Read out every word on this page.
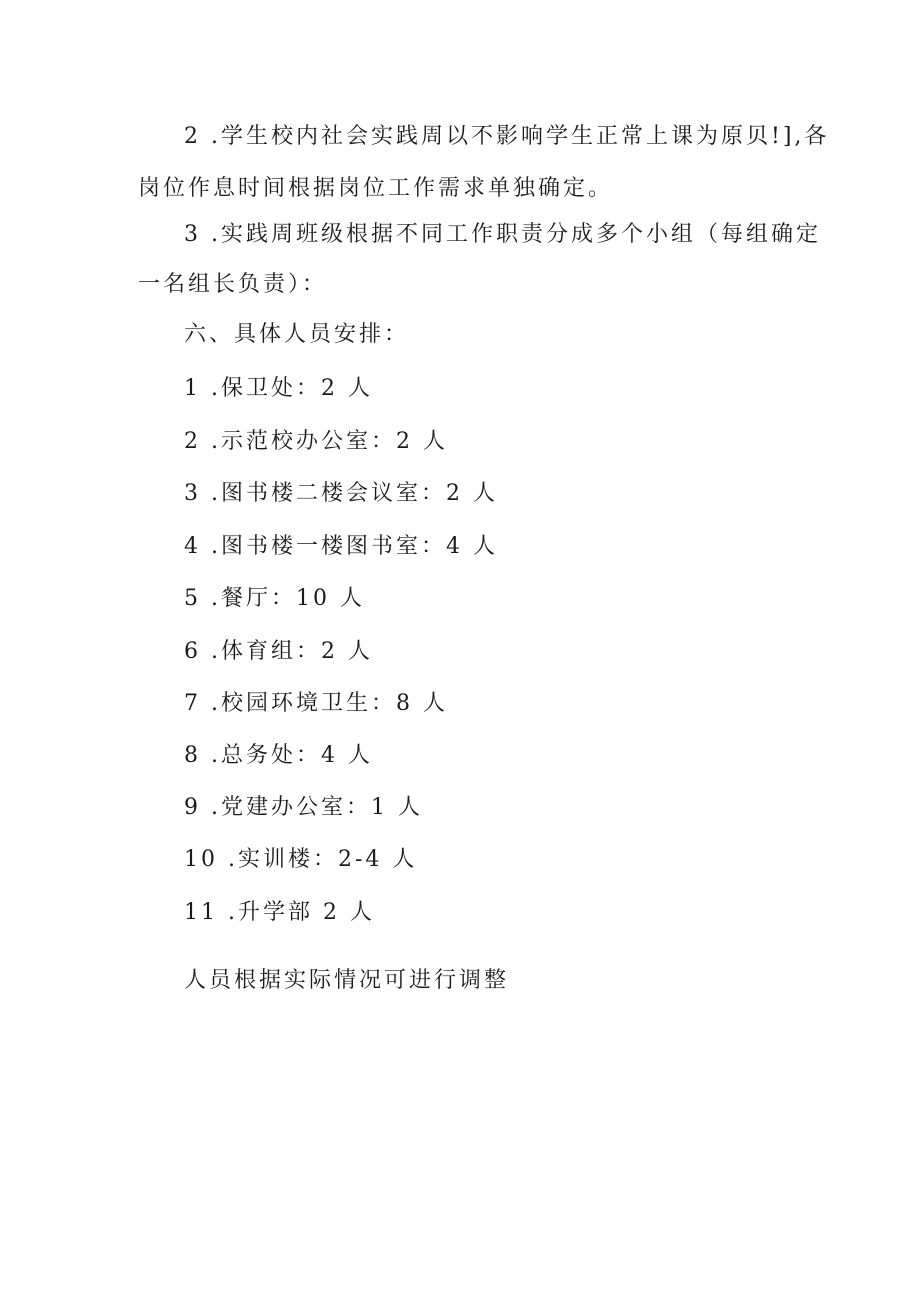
2 .学生校内社会实践周以不影响学生正常上课为原贝!],各
岗位作息时间根据岗位工作需求单独确定。
3 .实践周班级根据不同工作职责分成多个小组（每组确定
一名组长负责）：
六、具体人员安排：
1 .保卫处：2 人
2 .示范校办公室：2 人
3 .图书楼二楼会议室：2 人
4 .图书楼一楼图书室：4 人
5 .餐厅：10 人
6 .体育组：2 人
7 .校园环境卫生：8 人
8 .总务处：4 人
9 .党建办公室：1 人
10 .实训楼：2-4 人
11 .升学部 2 人
人员根据实际情况可进行调整
